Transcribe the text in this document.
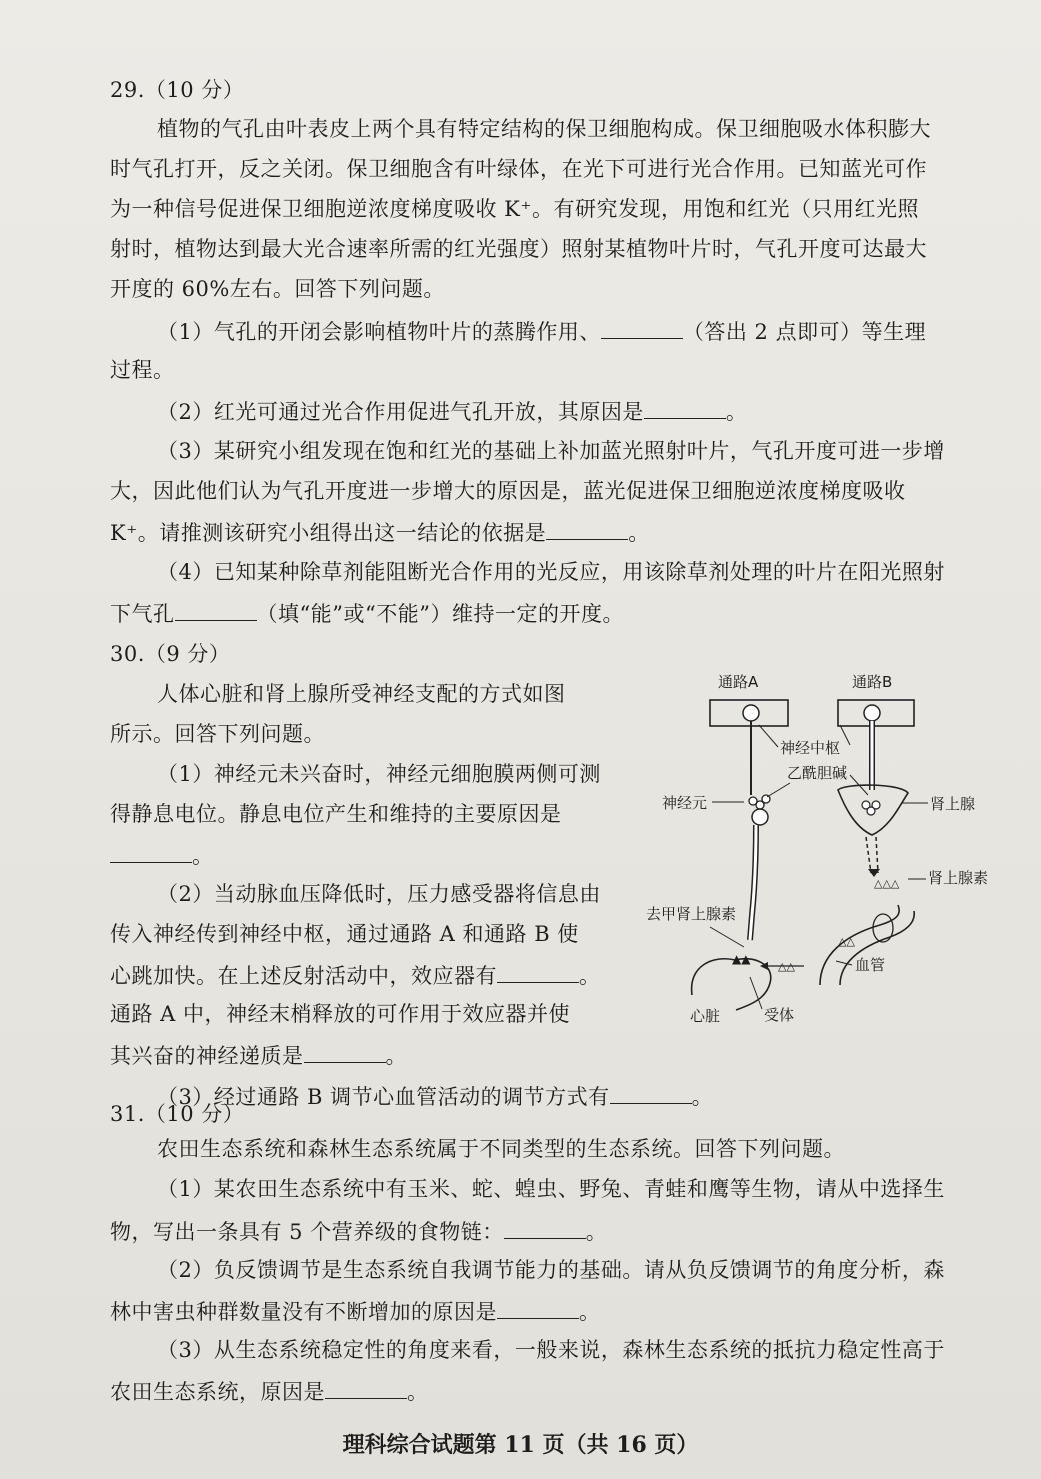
29.（10 分）
植物的气孔由叶表皮上两个具有特定结构的保卫细胞构成。保卫细胞吸水体积膨大
时气孔打开，反之关闭。保卫细胞含有叶绿体，在光下可进行光合作用。已知蓝光可作
为一种信号促进保卫细胞逆浓度梯度吸收 K⁺。有研究发现，用饱和红光（只用红光照
射时，植物达到最大光合速率所需的红光强度）照射某植物叶片时，气孔开度可达最大
开度的 60%左右。回答下列问题。
（1）气孔的开闭会影响植物叶片的蒸腾作用、	（答出 2 点即可）等生理
过程。
（2）红光可通过光合作用促进气孔开放，其原因是	。
（3）某研究小组发现在饱和红光的基础上补加蓝光照射叶片，气孔开度可进一步增
大，因此他们认为气孔开度进一步增大的原因是，蓝光促进保卫细胞逆浓度梯度吸收
K⁺。请推测该研究小组得出这一结论的依据是	。
（4）已知某种除草剂能阻断光合作用的光反应，用该除草剂处理的叶片在阳光照射
下气孔	（填“能”或“不能”）维持一定的开度。
30.（9 分）
人体心脏和肾上腺所受神经支配的方式如图
所示。回答下列问题。
（1）神经元未兴奋时，神经元细胞膜两侧可测
得静息电位。静息电位产生和维持的主要原因是
。
（2）当动脉血压降低时，压力感受器将信息由
传入神经传到神经中枢，通过通路 A 和通路 B 使
心跳加快。在上述反射活动中，效应器有	。
通路 A 中，神经末梢释放的可作用于效应器并使
其兴奋的神经递质是	。
（3）经过通路 B 调节心血管活动的调节方式有	。
通路A
神经元
通路B
神经中枢
乙酰胆碱
肾上腺
△△△ 肾上腺素
△△
△△	血管
▲▲
心脏	受体
去甲肾上腺素
31.（10 分）
农田生态系统和森林生态系统属于不同类型的生态系统。回答下列问题。
（1）某农田生态系统中有玉米、蛇、蝗虫、野兔、青蛙和鹰等生物，请从中选择生
物，写出一条具有 5 个营养级的食物链：	。
（2）负反馈调节是生态系统自我调节能力的基础。请从负反馈调节的角度分析，森
林中害虫种群数量没有不断增加的原因是	。
（3）从生态系统稳定性的角度来看，一般来说，森林生态系统的抵抗力稳定性高于
农田生态系统，原因是	。
理科综合试题第 11 页（共 16 页）
